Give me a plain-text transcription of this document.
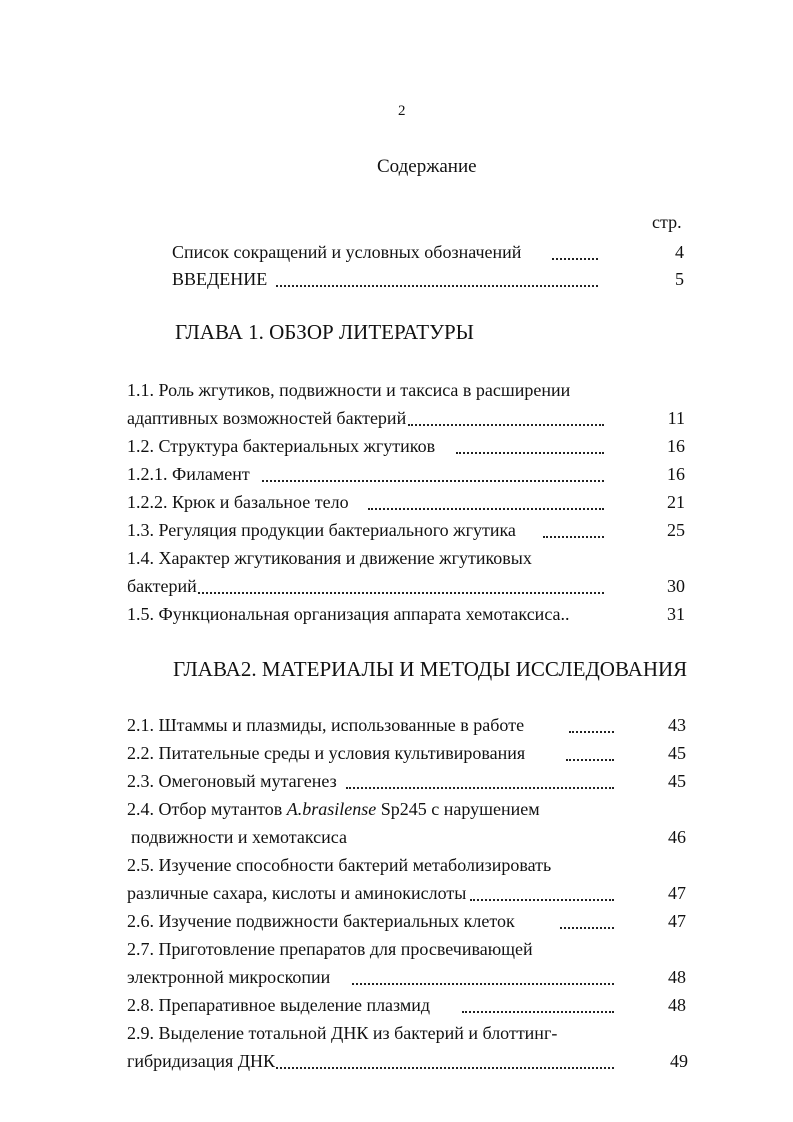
2
Содержание
стр.
Список сокращений и условных обозначений	4
ВВЕДЕНИЕ	5
ГЛАВА 1. ОБЗОР ЛИТЕРАТУРЫ
1.1. Роль жгутиков, подвижности и таксиса в расширении
адаптивных возможностей бактерий	11
1.2. Структура бактериальных жгутиков	16
1.2.1. Филамент	16
1.2.2. Крюк и базальное тело	21
1.3. Регуляция продукции бактериального жгутика	25
1.4. Характер жгутикования и движение жгутиковых
бактерий	30
1.5. Функциональная организация аппарата хемотаксиса..	31
ГЛАВА2. МАТЕРИАЛЫ И МЕТОДЫ ИССЛЕДОВАНИЯ
2.1. Штаммы и плазмиды, использованные в работе	43
2.2. Питательные среды и условия культивирования	45
2.3. Омегоновый мутагенез	45
2.4. Отбор мутантов A.brasilense Sp245 с нарушением
подвижности и хемотаксиса	46
2.5. Изучение способности бактерий метаболизировать
различные сахара, кислоты и аминокислоты	47
2.6. Изучение подвижности бактериальных клеток	47
2.7. Приготовление препаратов для просвечивающей
электронной микроскопии	48
2.8. Препаративное выделение плазмид	48
2.9. Выделение тотальной ДНК из бактерий и блоттинг-
гибридизация ДНК	49
